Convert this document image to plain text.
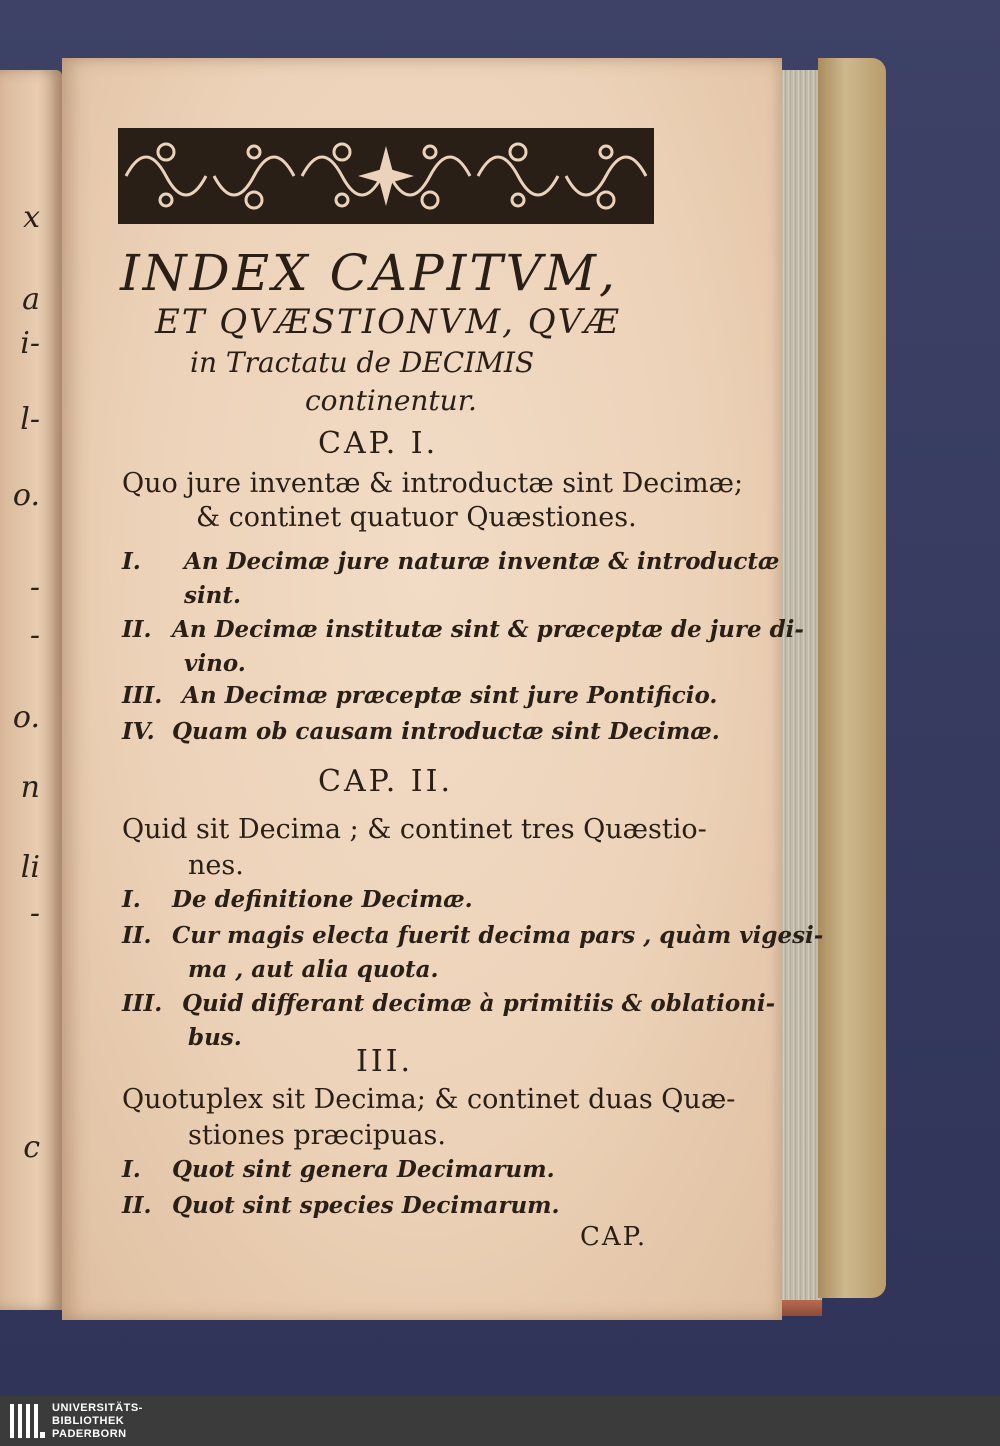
x
a
i-
l-
o.
-
-
o.
n
li
-
c
INDEX CAPITVM,
ET QVÆSTIONVM, QVÆ
in Tractatu de DECIMIS
continentur.
CAP. I.
Quo jure inventæ & introductæ sint Decimæ;
& continet quatuor Quæstiones.
I. An Decimæ jure naturæ inventæ & introductæ
sint.
II. An Decimæ institutæ sint & præceptæ de jure di-
vino.
III. An Decimæ præceptæ sint jure Pontificio.
IV. Quam ob causam introductæ sint Decimæ.
CAP. II.
Quid sit Decima ; & continet tres Quæstio-
nes.
I. De definitione Decimæ.
II. Cur magis electa fuerit decima pars , quàm vigesi-
ma , aut alia quota.
III. Quid differant decimæ à primitiis & oblationi-
bus.
III.
Quotuplex sit Decima; & continet duas Quæ-
stiones præcipuas.
I. Quot sint genera Decimarum.
II. Quot sint species Decimarum.
CAP.
UNIVERSITÄTS-
BIBLIOTHEK
PADERBORN
